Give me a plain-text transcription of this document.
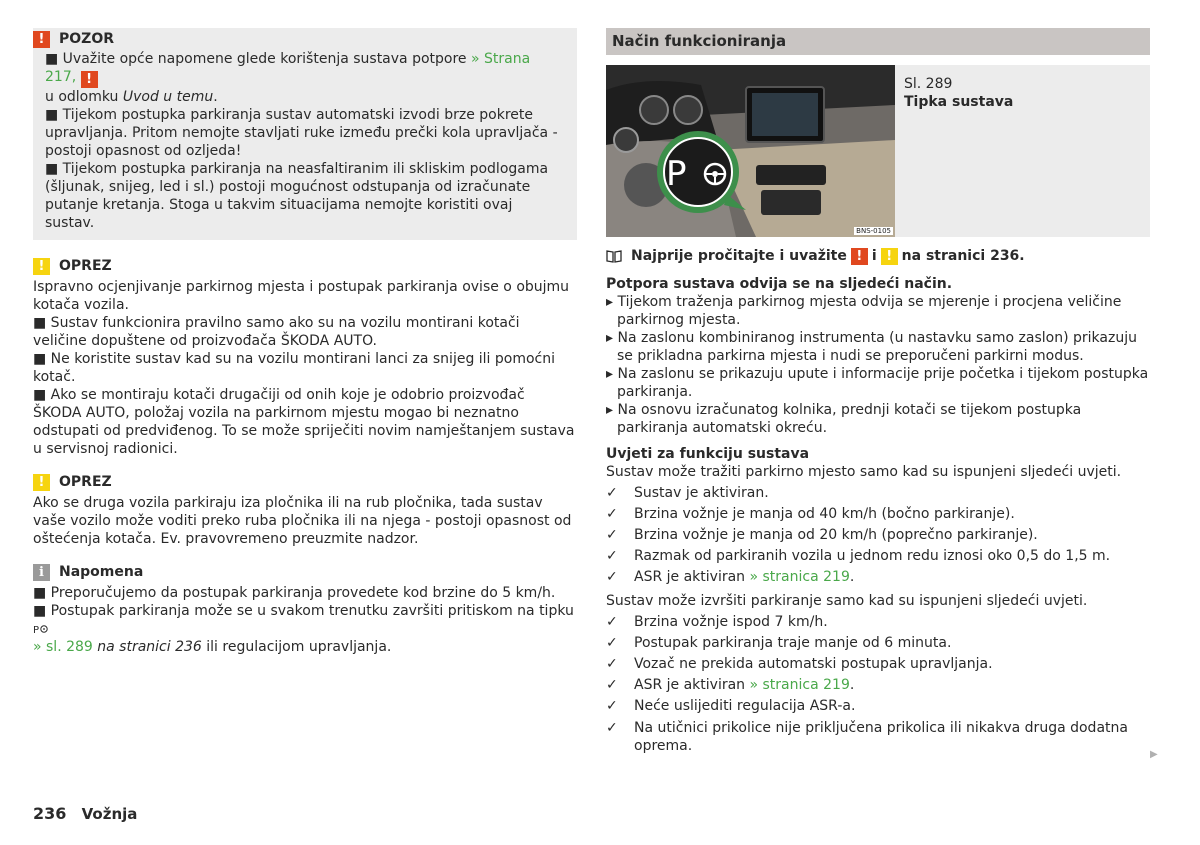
!	POZOR

■ Uvažite opće napomene glede korištenja sustava potpore » Strana 217, !
u odlomku Uvod u temu.

■ Tijekom postupka parkiranja sustav automatski izvodi brze pokrete upravljanja. Pritom nemojte stavljati ruke između prečki kola upravljača - postoji opasnost od ozljeda!

■ Tijekom postupka parkiranja na neasfaltiranim ili skliskim podlogama (šljunak, snijeg, led i sl.) postoji mogućnost odstupanja od izračunate putanje kretanja. Stoga u takvim situacijama nemojte koristiti ovaj sustav.

!	OPREZ

Ispravno ocjenjivanje parkirnog mjesta i postupak parkiranja ovise o obujmu kotača vozila.

■ Sustav funkcionira pravilno samo ako su na vozilu montirani kotači veličine dopuštene od proizvođača ŠKODA AUTO.

■ Ne koristite sustav kad su na vozilu montirani lanci za snijeg ili pomoćni kotač.

■ Ako se montiraju kotači drugačiji od onih koje je odobrio proizvođač ŠKODA AUTO, položaj vozila na parkirnom mjestu mogao bi neznatno odstupati od predviđenog. To se može spriječiti novim namještanjem sustava u servisnoj radionici.

!	OPREZ

Ako se druga vozila parkiraju iza pločnika ili na rub pločnika, tada sustav vaše vozilo može voditi preko ruba pločnika ili na njega - postoji opasnost od oštećenja kotača. Ev. pravovremeno preuzmite nadzor.

i	Napomena

■ Preporučujemo da postupak parkiranja provedete kod brzine do 5 km/h.

■ Postupak parkiranja može se u svakom trenutku završiti pritiskom na tipku
P

» sl. 289 na stranici 236 ili regulacijom upravljanja.

Način funkcioniranja
P
BNS-0105
Sl. 289
Tipka sustava
Najprije pročitajte i uvažite ! i ! na stranici 236.

Potpora sustava odvija se na sljedeći način.

▸ Tijekom traženja parkirnog mjesta odvija se mjerenje i procjena veličine parkirnog mjesta.

▸ Na zaslonu kombiniranog instrumenta (u nastavku samo zaslon) prikazuju se prikladna parkirna mjesta i nudi se preporučeni parkirni modus.

▸ Na zaslonu se prikazuju upute i informacije prije početka i tijekom postupka parkiranja.

▸ Na osnovu izračunatog kolnika, prednji kotači se tijekom postupka parkiranja automatski okreću.

Uvjeti za funkciju sustava

Sustav može tražiti parkirno mjesto samo kad su ispunjeni sljedeći uvjeti.

✓	Sustav je aktiviran.
✓	Brzina vožnje je manja od 40 km/h (bočno parkiranje).
✓	Brzina vožnje je manja od 20 km/h (poprečno parkiranje).
✓	Razmak od parkiranih vozila u jednom redu iznosi oko 0,5 do 1,5 m.
✓	ASR je aktiviran » stranica 219.

Sustav može izvršiti parkiranje samo kad su ispunjeni sljedeći uvjeti.

✓	Brzina vožnje ispod 7 km/h.
✓	Postupak parkiranja traje manje od 6 minuta.
✓	Vozač ne prekida automatski postupak upravljanja.
✓	ASR je aktiviran » stranica 219.
✓	Neće uslijediti regulacija ASR-a.
✓	Na utičnici prikolice nije priključena prikolica ili nikakva druga dodatna oprema.
▶
236 Vožnja
